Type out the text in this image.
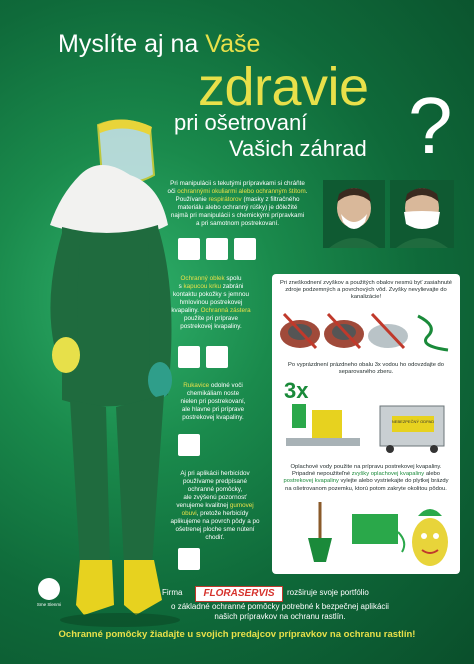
Myslíte aj na Vaše
zdravie
pri ošetrovaní
Vašich záhrad ?
Pri manipulácii s tekutými prípravkami si chráňte
oči ochrannými okuliarmi alebo ochranným štítom.
Používanie respirátorov (masky z filtračného
materiálu alebo ochranný rúšky) je dôležité
najmä pri manipulácii s chemickými prípravkami
a pri samotnom postrekovaní.
Ochranný oblek spolu
s kapucou krku zabráni
kontaktu pokožky s jemnou
hmlovinou postrekovej
kvapaliny. Ochranná zástera
použite pri príprave
postrekovej kvapaliny.
Rukavice odolné voči
chemikáliam noste
nielen pri postrekovaní,
ale hlavne pri príprave
postrekovej kvapaliny.
Aj pri aplikácii herbicídov
používame predpísané
ochranné pomôcky,
ale zvýšenú pozornosť
venujeme kvalitnej gumovej
obuvi, pretože herbicídy
aplikujeme na povrch pôdy a po
ošetrenej ploche sme nútení
chodiť.
Pri zneškodnení zvyškov a použitých obalov nesmú byť zasiahnuté zdroje podzemných a povrchových vôd. Zvyšky nevylievajte do kanalizácie!
Po vyprázdnení prázdneho obalu 3x vodou ho odovzdajte do separovaného zberu.
3x
NEBEZPEČNÝ ODPAD
Oplachové vody použite na prípravu postrekovej kvapaliny. Pripadné nepoužiteľné zvyšky oplachovej kvapaliny alebo postrekovej kvapaliny vylejte alebo vystriekajte do plytkej brázdy na ošetrovanom pozemku, ktorú potom zakryte okolitou pôdou.
Sme Slenmi
Firma	FLORASERVIS	rozširuje svoje portfólio
o základné ochranné pomôcky potrebné k bezpečnej aplikácii
našich prípravkov na ochranu rastlín.
Ochranné pomôcky žiadajte u svojich predajcov prípravkov na ochranu rastlín!
